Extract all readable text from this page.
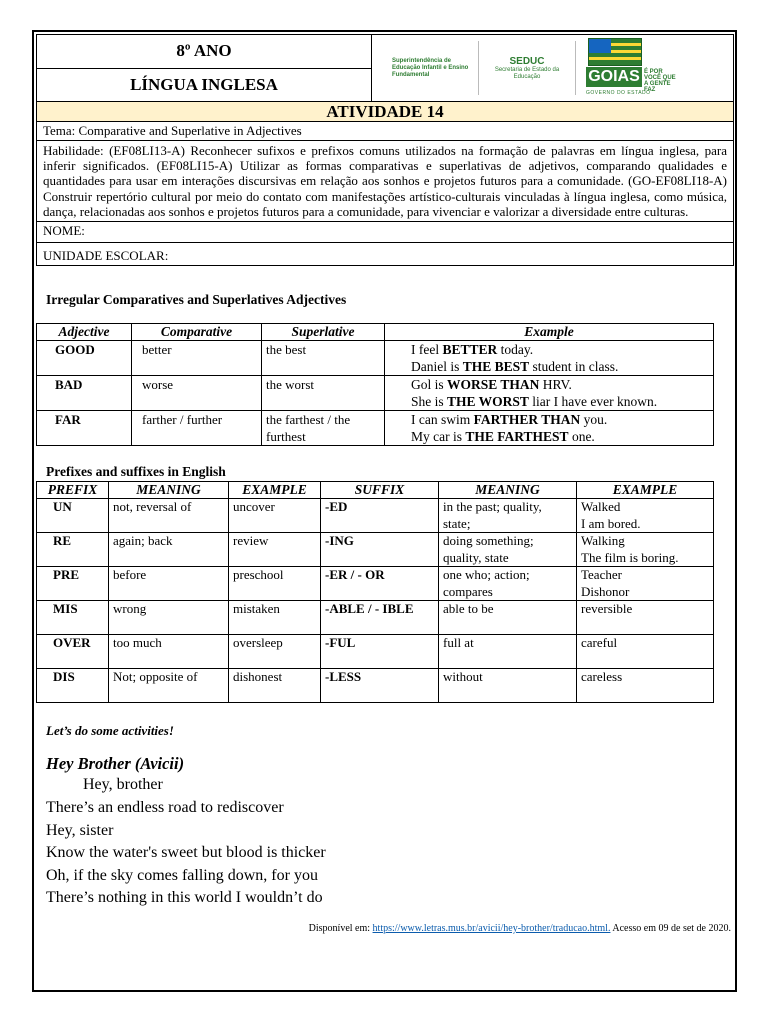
8º ANO
LÍNGUA INGLESA
Superintendência de Educação Infantil e Ensino Fundamental
SEDUC
Secretaria de Estado da Educação	GOIAS É POR VOCÊ QUE A GENTE FAZ
GOVERNO DO ESTADO
ATIVIDADE 14
Tema: Comparative and Superlative in Adjectives
Habilidade: (EF08LI13-A) Reconhecer sufixos e prefixos comuns utilizados na formação de palavras em língua inglesa, para inferir significados. (EF08LI15-A) Utilizar as formas comparativas e superlativas de adjetivos, comparando qualidades e quantidades para usar em interações discursivas em relação aos sonhos e projetos futuros para a comunidade. (GO-EF08LI18-A) Construir repertório cultural por meio do contato com manifestações artístico-culturais vinculadas à língua inglesa, como música, dança, relacionadas aos sonhos e projetos futuros para a comunidade, para vivenciar e valorizar a diversidade entre culturas.
NOME:
UNIDADE ESCOLAR:
Irregular Comparatives and Superlatives Adjectives
Adjective	Comparative	Superlative	Example
GOOD	better	the best	I feel BETTER today.
Daniel is THE BEST student in class.

BAD	worse	the worst	Gol is WORSE THAN HRV.
She is THE WORST liar I have ever known.

FAR	farther / further	the farthest / the furthest	I can swim FARTHER THAN you.
My car is THE FARTHEST one.
Prefixes and suffixes in English
PREFIX	MEANING	EXAMPLE	SUFFIX	MEANING	EXAMPLE
UN	not, reversal of	uncover	-ED	in the past; quality, state;	Walked
I am bored.

RE	again; back	review	-ING	doing something; quality, state	Walking
The film is boring.

PRE	before	preschool	-ER / - OR	one who; action; compares	Teacher
Dishonor

MIS	wrong	mistaken	-ABLE / - IBLE	able to be	reversible

OVER	too much	oversleep	-FUL	full at	careful

DIS	Not; opposite of	dishonest	-LESS	without	careless
Let’s do some activities!
Hey Brother (Avicii)
Hey, brother
There’s an endless road to rediscover
Hey, sister
Know the water's sweet but blood is thicker
Oh, if the sky comes falling down, for you
There’s nothing in this world I wouldn’t do
Disponível em: https://www.letras.mus.br/avicii/hey-brother/traducao.html. Acesso em 09 de set de 2020.
